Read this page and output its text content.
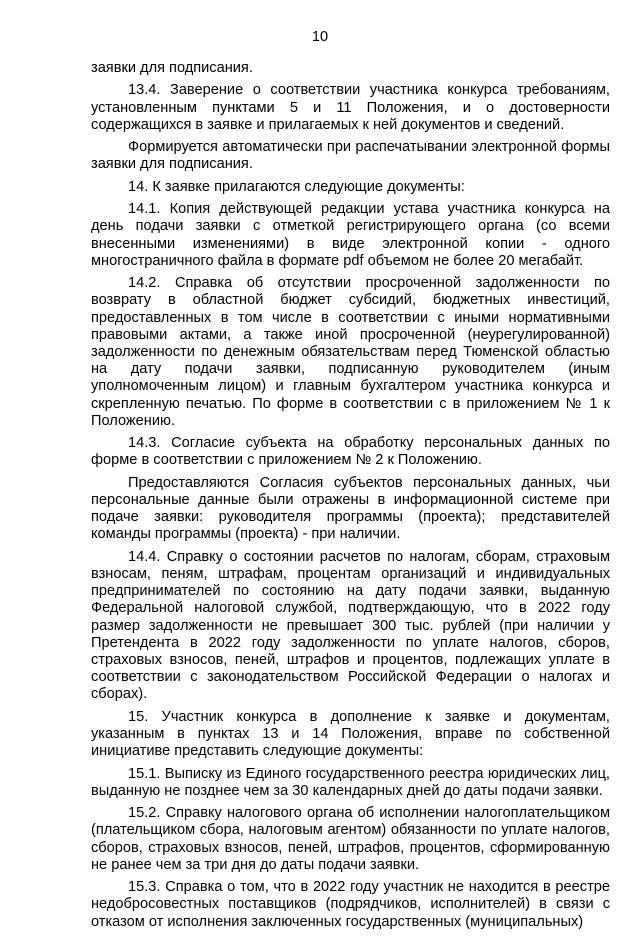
10

заявки для подписания.

13.4. Заверение о соответствии участника конкурса требованиям, установленным пунктами 5 и 11 Положения, и о достоверности содержащихся в заявке и прилагаемых к ней документов и сведений.

Формируется автоматически при распечатывании электронной формы заявки для подписания.

14. К заявке прилагаются следующие документы:

14.1. Копия действующей редакции устава участника конкурса на день подачи заявки с отметкой регистрирующего органа (со всеми внесенными изменениями) в виде электронной копии - одного многостраничного файла в формате pdf объемом не более 20 мегабайт.

14.2. Справка об отсутствии просроченной задолженности по возврату в областной бюджет субсидий, бюджетных инвестиций, предоставленных в том числе в соответствии с иными нормативными правовыми актами, а также иной просроченной (неурегулированной) задолженности по денежным обязательствам перед Тюменской областью на дату подачи заявки, подписанную руководителем (иным уполномоченным лицом) и главным бухгалтером участника конкурса и скрепленную печатью. По форме в соответствии с в приложением № 1 к Положению.

14.3. Согласие субъекта на обработку персональных данных по форме в соответствии с приложением № 2 к Положению.

Предоставляются Согласия субъектов персональных данных, чьи персональные данные были отражены в информационной системе при подаче заявки: руководителя программы (проекта); представителей команды программы (проекта) - при наличии.

14.4. Справку о состоянии расчетов по налогам, сборам, страховым взносам, пеням, штрафам, процентам организаций и индивидуальных предпринимателей по состоянию на дату подачи заявки, выданную Федеральной налоговой службой, подтверждающую, что в 2022 году размер задолженности не превышает 300 тыс. рублей (при наличии у Претендента в 2022 году задолженности по уплате налогов, сборов, страховых взносов, пеней, штрафов и процентов, подлежащих уплате в соответствии с законодательством Российской Федерации о налогах и сборах).

15. Участник конкурса в дополнение к заявке и документам, указанным в пунктах 13 и 14 Положения, вправе по собственной инициативе представить следующие документы:

15.1. Выписку из Единого государственного реестра юридических лиц, выданную не позднее чем за 30 календарных дней до даты подачи заявки.

15.2. Справку налогового органа об исполнении налогоплательщиком (плательщиком сбора, налоговым агентом) обязанности по уплате налогов, сборов, страховых взносов, пеней, штрафов, процентов, сформированную не ранее чем за три дня до даты подачи заявки.

15.3. Справка о том, что в 2022 году участник не находится в реестре недобросовестных поставщиков (подрядчиков, исполнителей) в связи с отказом от исполнения заключенных государственных (муниципальных)
